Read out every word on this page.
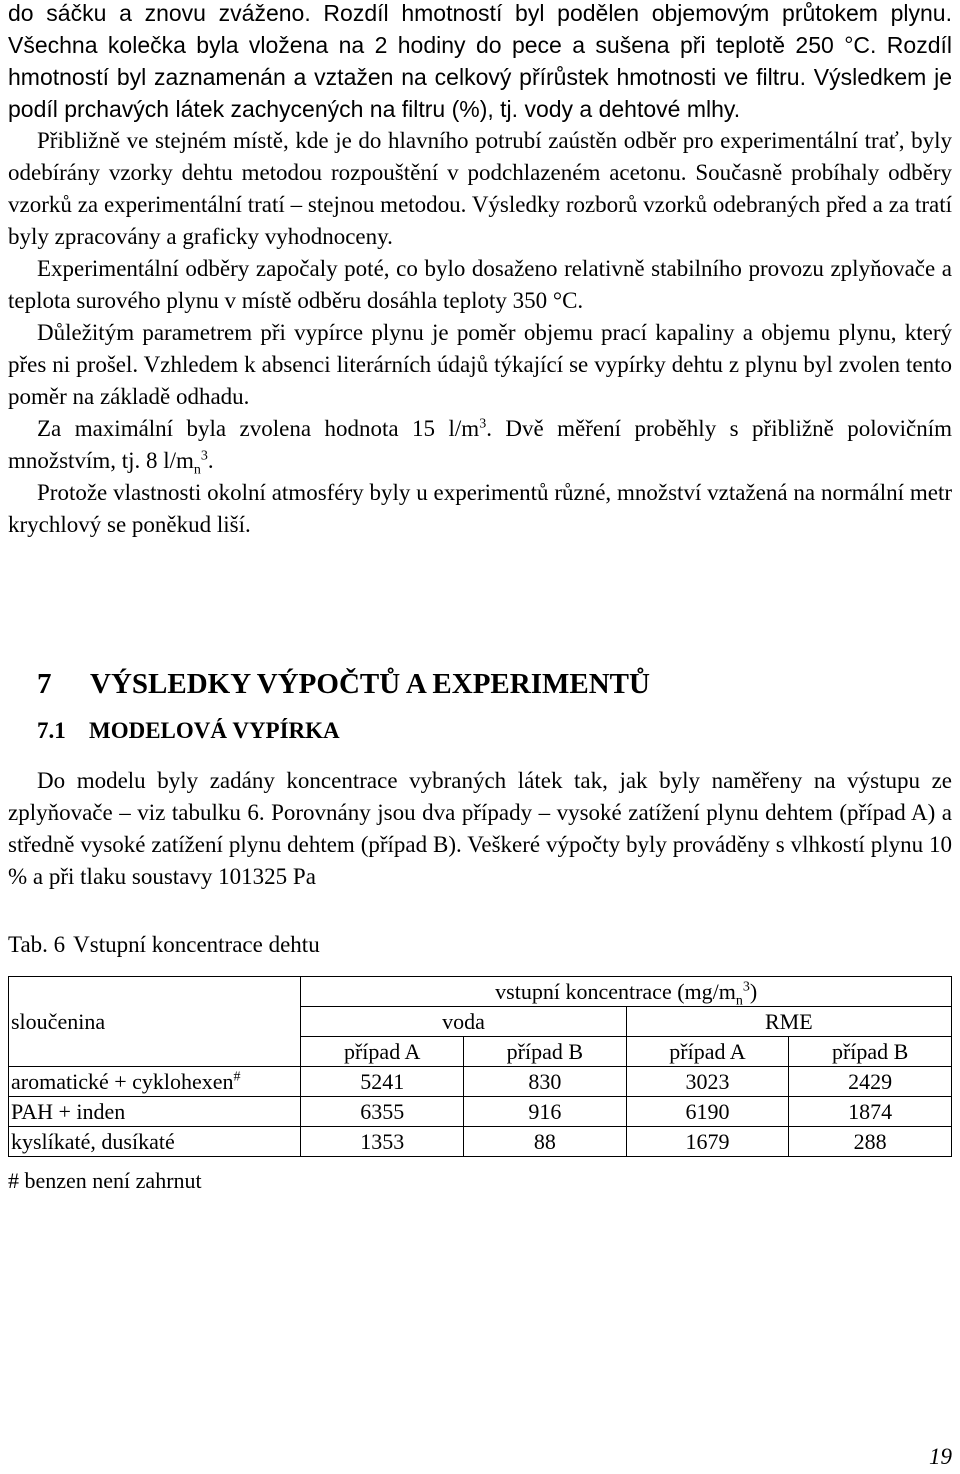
do sáčku a znovu zváženo. Rozdíl hmotností byl podělen objemovým průtokem plynu. Všechna kolečka byla vložena na 2 hodiny do pece a sušena při teplotě 250 °C. Rozdíl hmotností byl zaznamenán a vztažen na celkový přírůstek hmotnosti ve filtru. Výsledkem je podíl prchavých látek zachycených na filtru (%), tj. vody a dehtové mlhy.

Přibližně ve stejném místě, kde je do hlavního potrubí zaústěn odběr pro experimentální trať, byly odebírány vzorky dehtu metodou rozpouštění v podchlazeném acetonu. Současně probíhaly odběry vzorků za experimentální tratí – stejnou metodou. Výsledky rozborů vzorků odebraných před a za tratí byly zpracovány a graficky vyhodnoceny.

Experimentální odběry započaly poté, co bylo dosaženo relativně stabilního provozu zplyňovače a teplota surového plynu v místě odběru dosáhla teploty 350 °C.

Důležitým parametrem při vypírce plynu je poměr objemu prací kapaliny a objemu plynu, který přes ni prošel. Vzhledem k absenci literárních údajů týkající se vypírky dehtu z plynu byl zvolen tento poměr na základě odhadu.

Za maximální byla zvolena hodnota 15 $l/m^3$. Dvě měření proběhly s přibližně polovičním množstvím, tj. 8 $l/m_n^3$.

Protože vlastnosti okolní atmosféry byly u experimentů různé, množství vztažená na normální metr krychlový se poněkud liší.

7 VÝSLEDKY VÝPOČTŮ A EXPERIMENTŮ
7.1 MODELOVÁ VYPÍRKA

Do modelu byly zadány koncentrace vybraných látek tak, jak byly naměřeny na výstupu ze zplyňovače – viz tabulku 6. Porovnány jsou dva případy – vysoké zatížení plynu dehtem (případ A) a středně vysoké zatížení plynu dehtem (případ B). Veškeré výpočty byly prováděny s vlhkostí plynu 10 % a při tlaku soustavy 101325 Pa

Tab. 6 Vstupní koncentrace dehtu
sloučenina	vstupní koncentrace $(mg/m_n^3)$			
	voda		RME	
	případ A	případ B	případ A	případ B
aromatické + cyklohexen#	5241	830	3023	2429
PAH + inden	6355	916	6190	1874
kyslíkaté, dusíkaté	1353	88	1679	288
# benzen není zahrnut
19
